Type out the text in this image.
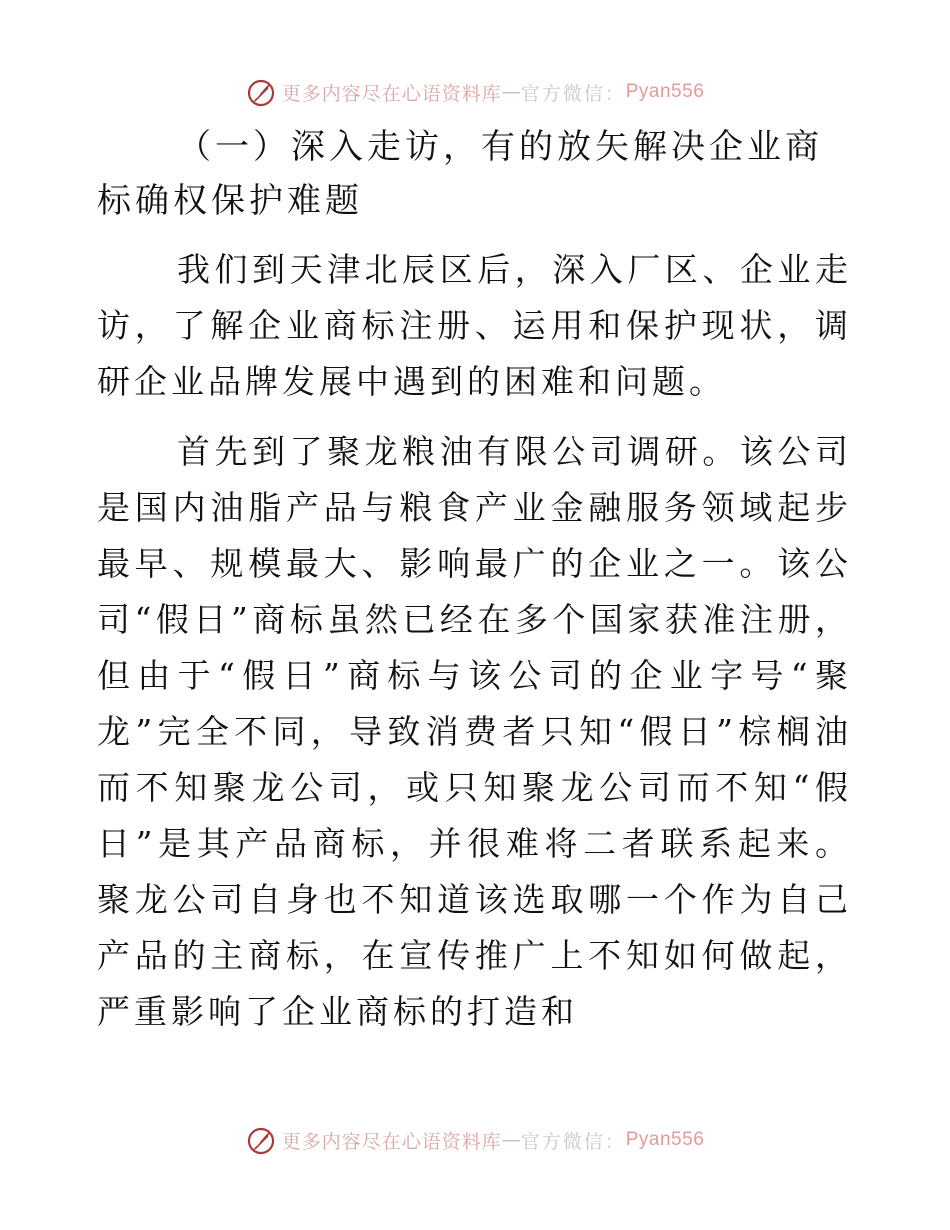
更多内容尽在心语资料库 — 官方微信： Pyan556

（一）深入走访，有的放矢解决企业商标确权保护难题

我们到天津北辰区后，深入厂区、企业走访，了解企业商标注册、运用和保护现状，调研企业品牌发展中遇到的困难和问题。

首先到了聚龙粮油有限公司调研。该公司是国内油脂产品与粮食产业金融服务领域起步最早、规模最大、影响最广的企业之一。该公司“假日”商标虽然已经在多个国家获准注册，但由于“假日”商标与该公司的企业字号“聚龙”完全不同，导致消费者只知“假日”棕榈油而不知聚龙公司，或只知聚龙公司而不知“假日”是其产品商标，并很难将二者联系起来。聚龙公司自身也不知道该选取哪一个作为自己产品的主商标，在宣传推广上不知如何做起，严重影响了企业商标的打造和

更多内容尽在心语资料库 — 官方微信： Pyan556
